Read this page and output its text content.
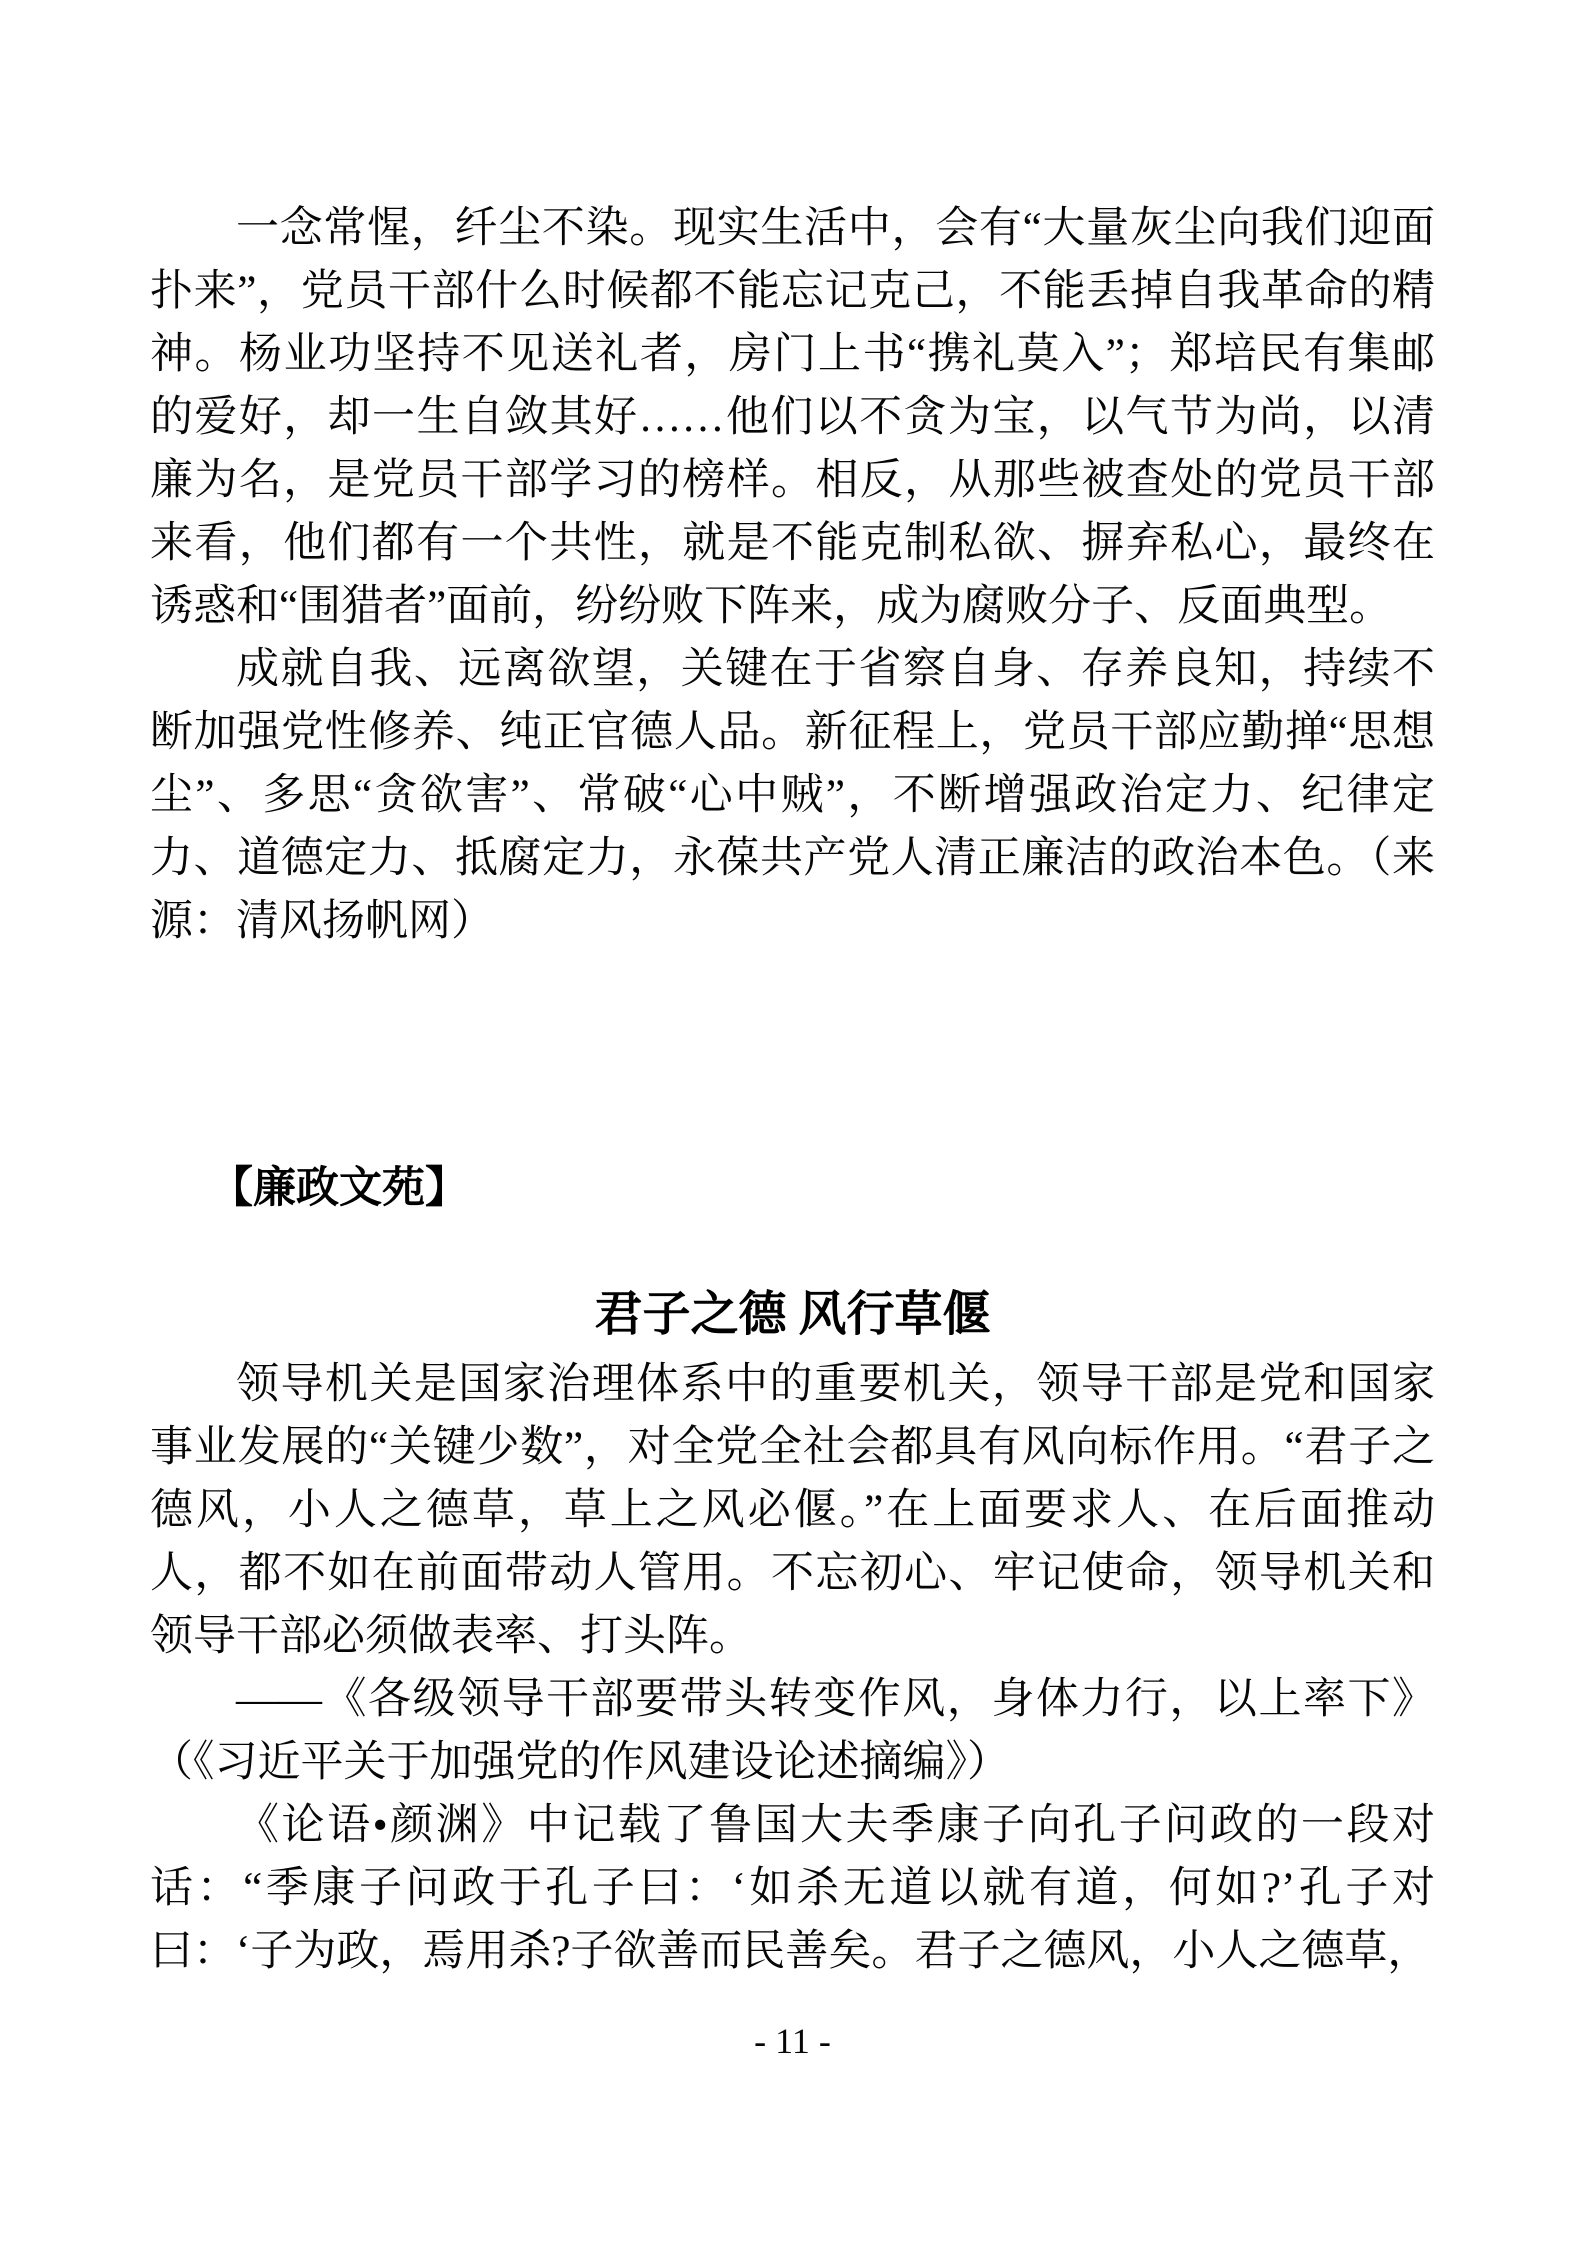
一念常惺，纤尘不染。现实生活中，会有“大量灰尘向我们迎面扑来”，党员干部什么时候都不能忘记克己，不能丢掉自我革命的精神。杨业功坚持不见送礼者，房门上书“携礼莫入”；郑培民有集邮的爱好，却一生自敛其好……他们以不贪为宝，以气节为尚，以清廉为名，是党员干部学习的榜样。相反，从那些被查处的党员干部来看，他们都有一个共性，就是不能克制私欲、摒弃私心，最终在诱惑和“围猎者”面前，纷纷败下阵来，成为腐败分子、反面典型。

成就自我、远离欲望，关键在于省察自身、存养良知，持续不断加强党性修养、纯正官德人品。新征程上，党员干部应勤掸“思想尘”、多思“贪欲害”、常破“心中贼”，不断增强政治定力、纪律定力、道德定力、抵腐定力，永葆共产党人清正廉洁的政治本色。（来源：清风扬帆网）

【廉政文苑】
君子之德 风行草偃

领导机关是国家治理体系中的重要机关，领导干部是党和国家事业发展的“关键少数”，对全党全社会都具有风向标作用。“君子之德风，小人之德草，草上之风必偃。”在上面要求人、在后面推动人，都不如在前面带动人管用。不忘初心、牢记使命，领导机关和领导干部必须做表率、打头阵。

——《各级领导干部要带头转变作风，身体力行，以上率下》（《习近平关于加强党的作风建设论述摘编》）

《论语•颜渊》中记载了鲁国大夫季康子向孔子问政的一段对话：“季康子问政于孔子曰：‘如杀无道以就有道，何如?’孔子对曰：‘子为政，焉用杀?子欲善而民善矣。君子之德风，小人之德草，

- 11 -
